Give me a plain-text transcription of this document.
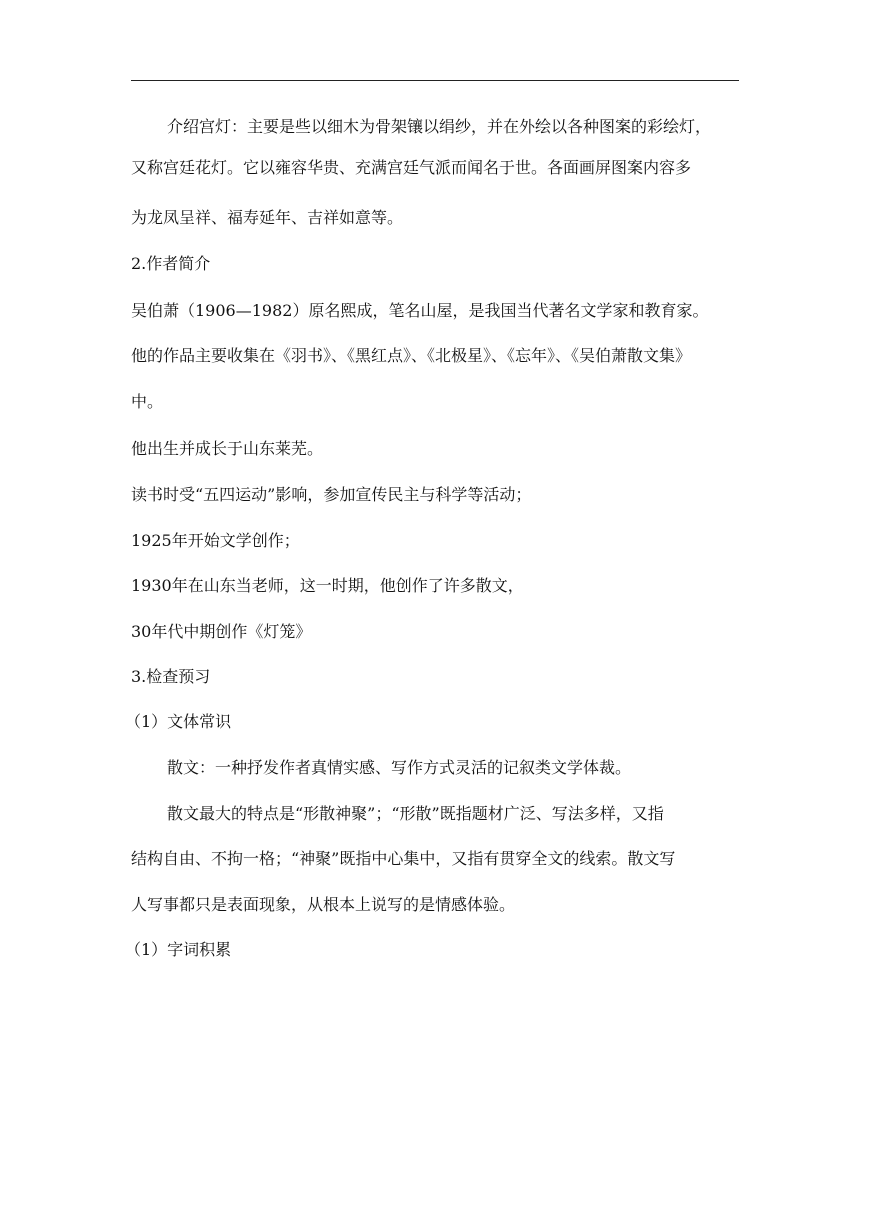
介绍宫灯：主要是些以细木为骨架镶以绢纱，并在外绘以各种图案的彩绘灯，
又称宫廷花灯。它以雍容华贵、充满宫廷气派而闻名于世。各面画屏图案内容多
为龙凤呈祥、福寿延年、吉祥如意等。
2.作者简介
吴伯萧（1906—1982）原名熙成，笔名山屋，是我国当代著名文学家和教育家。
他的作品主要收集在《羽书》、《黑红点》、《北极星》、《忘年》、《吴伯萧散文集》
中。
他出生并成长于山东莱芜。
读书时受“五四运动”影响，参加宣传民主与科学等活动；
1925年开始文学创作；
1930年在山东当老师，这一时期，他创作了许多散文，
30年代中期创作《灯笼》
3.检查预习
（1）文体常识
散文：一种抒发作者真情实感、写作方式灵活的记叙类文学体裁。
散文最大的特点是“形散神聚”；“形散”既指题材广泛、写法多样，又指
结构自由、不拘一格；“神聚”既指中心集中，又指有贯穿全文的线索。散文写
人写事都只是表面现象，从根本上说写的是情感体验。
（1）字词积累
